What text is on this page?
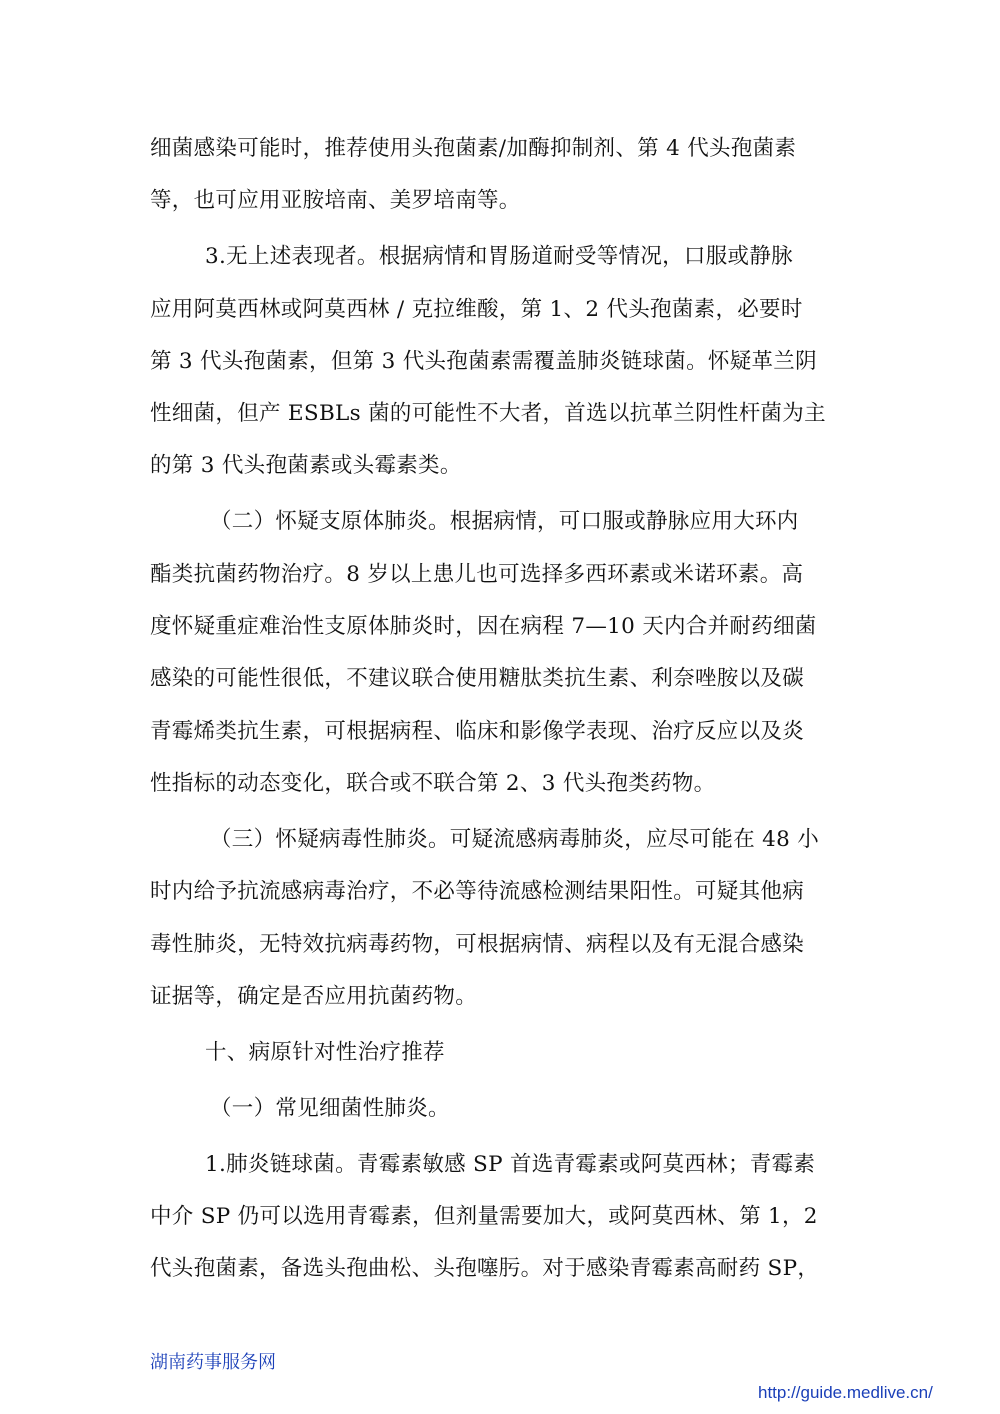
细菌感染可能时，推荐使用头孢菌素/加酶抑制剂、第 4 代头孢菌素
等，也可应用亚胺培南、美罗培南等。
3.无上述表现者。根据病情和胃肠道耐受等情况，口服或静脉
应用阿莫西林或阿莫西林 / 克拉维酸，第 1、2 代头孢菌素，必要时
第 3 代头孢菌素，但第 3 代头孢菌素需覆盖肺炎链球菌。怀疑革兰阴
性细菌，但产 ESBLs 菌的可能性不大者，首选以抗革兰阴性杆菌为主
的第 3 代头孢菌素或头霉素类。
（二）怀疑支原体肺炎。根据病情，可口服或静脉应用大环内
酯类抗菌药物治疗。8 岁以上患儿也可选择多西环素或米诺环素。高
度怀疑重症难治性支原体肺炎时，因在病程 7—10 天内合并耐药细菌
感染的可能性很低，不建议联合使用糖肽类抗生素、利奈唑胺以及碳
青霉烯类抗生素，可根据病程、临床和影像学表现、治疗反应以及炎
性指标的动态变化，联合或不联合第 2、3 代头孢类药物。
（三）怀疑病毒性肺炎。可疑流感病毒肺炎，应尽可能在 48 小
时内给予抗流感病毒治疗，不必等待流感检测结果阳性。可疑其他病
毒性肺炎，无特效抗病毒药物，可根据病情、病程以及有无混合感染
证据等，确定是否应用抗菌药物。
十、病原针对性治疗推荐
（一）常见细菌性肺炎。
1.肺炎链球菌。青霉素敏感 SP 首选青霉素或阿莫西林；青霉素
中介 SP 仍可以选用青霉素，但剂量需要加大，或阿莫西林、第 1，2
代头孢菌素，备选头孢曲松、头孢噻肟。对于感染青霉素高耐药 SP，
湖南药事服务网
http://guide.medlive.cn/
